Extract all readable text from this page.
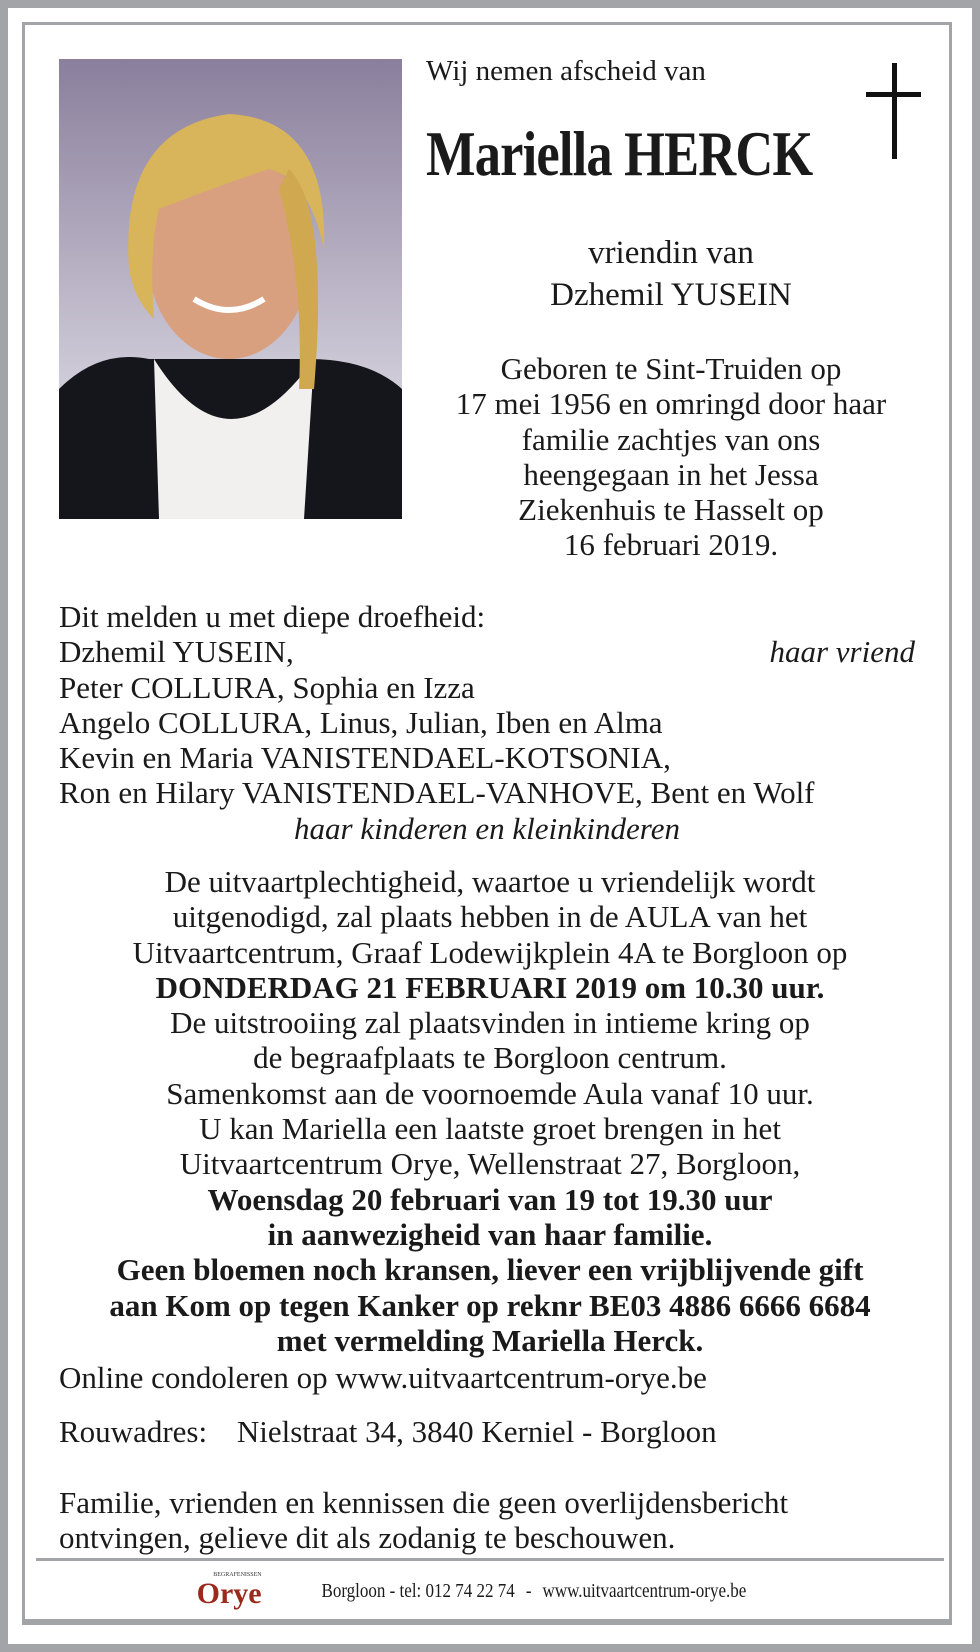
Wij nemen afscheid van
Mariella HERCK
vriendin van
Dzhemil YUSEIN
Geboren te Sint-Truiden op
17 mei 1956 en omringd door haar
familie zachtjes van ons
heengegaan in het Jessa
Ziekenhuis te Hasselt op
16 februari 2019.
Dit melden u met diepe droefheid:
Dzhemil YUSEIN,	haar vriend
Peter COLLURA, Sophia en Izza
Angelo COLLURA, Linus, Julian, Iben en Alma
Kevin en Maria VANISTENDAEL-KOTSONIA,
Ron en Hilary VANISTENDAEL-VANHOVE, Bent en Wolf
haar kinderen en kleinkinderen
De uitvaartplechtigheid, waartoe u vriendelijk wordt
uitgenodigd, zal plaats hebben in de AULA van het
Uitvaartcentrum, Graaf Lodewijkplein 4A te Borgloon op
DONDERDAG 21 FEBRUARI 2019 om 10.30 uur.
De uitstrooiing zal plaatsvinden in intieme kring op
de begraafplaats te Borgloon centrum.
Samenkomst aan de voornoemde Aula vanaf 10 uur.
U kan Mariella een laatste groet brengen in het
Uitvaartcentrum Orye, Wellenstraat 27, Borgloon,
Woensdag 20 februari van 19 tot 19.30 uur
in aanwezigheid van haar familie.
Geen bloemen noch kransen, liever een vrijblijvende gift
aan Kom op tegen Kanker op reknr BE03 4886 6666 6684
met vermelding Mariella Herck.
Online condoleren op www.uitvaartcentrum-orye.be
Rouwadres: Nielstraat 34, 3840 Kerniel - Borgloon
Familie, vrienden en kennissen die geen overlijdensbericht
ontvingen, gelieve dit als zodanig te beschouwen.
BEGRAFENISSEN
Orye	Borgloon - tel: 012 74 22 74 - www.uitvaartcentrum-orye.be
